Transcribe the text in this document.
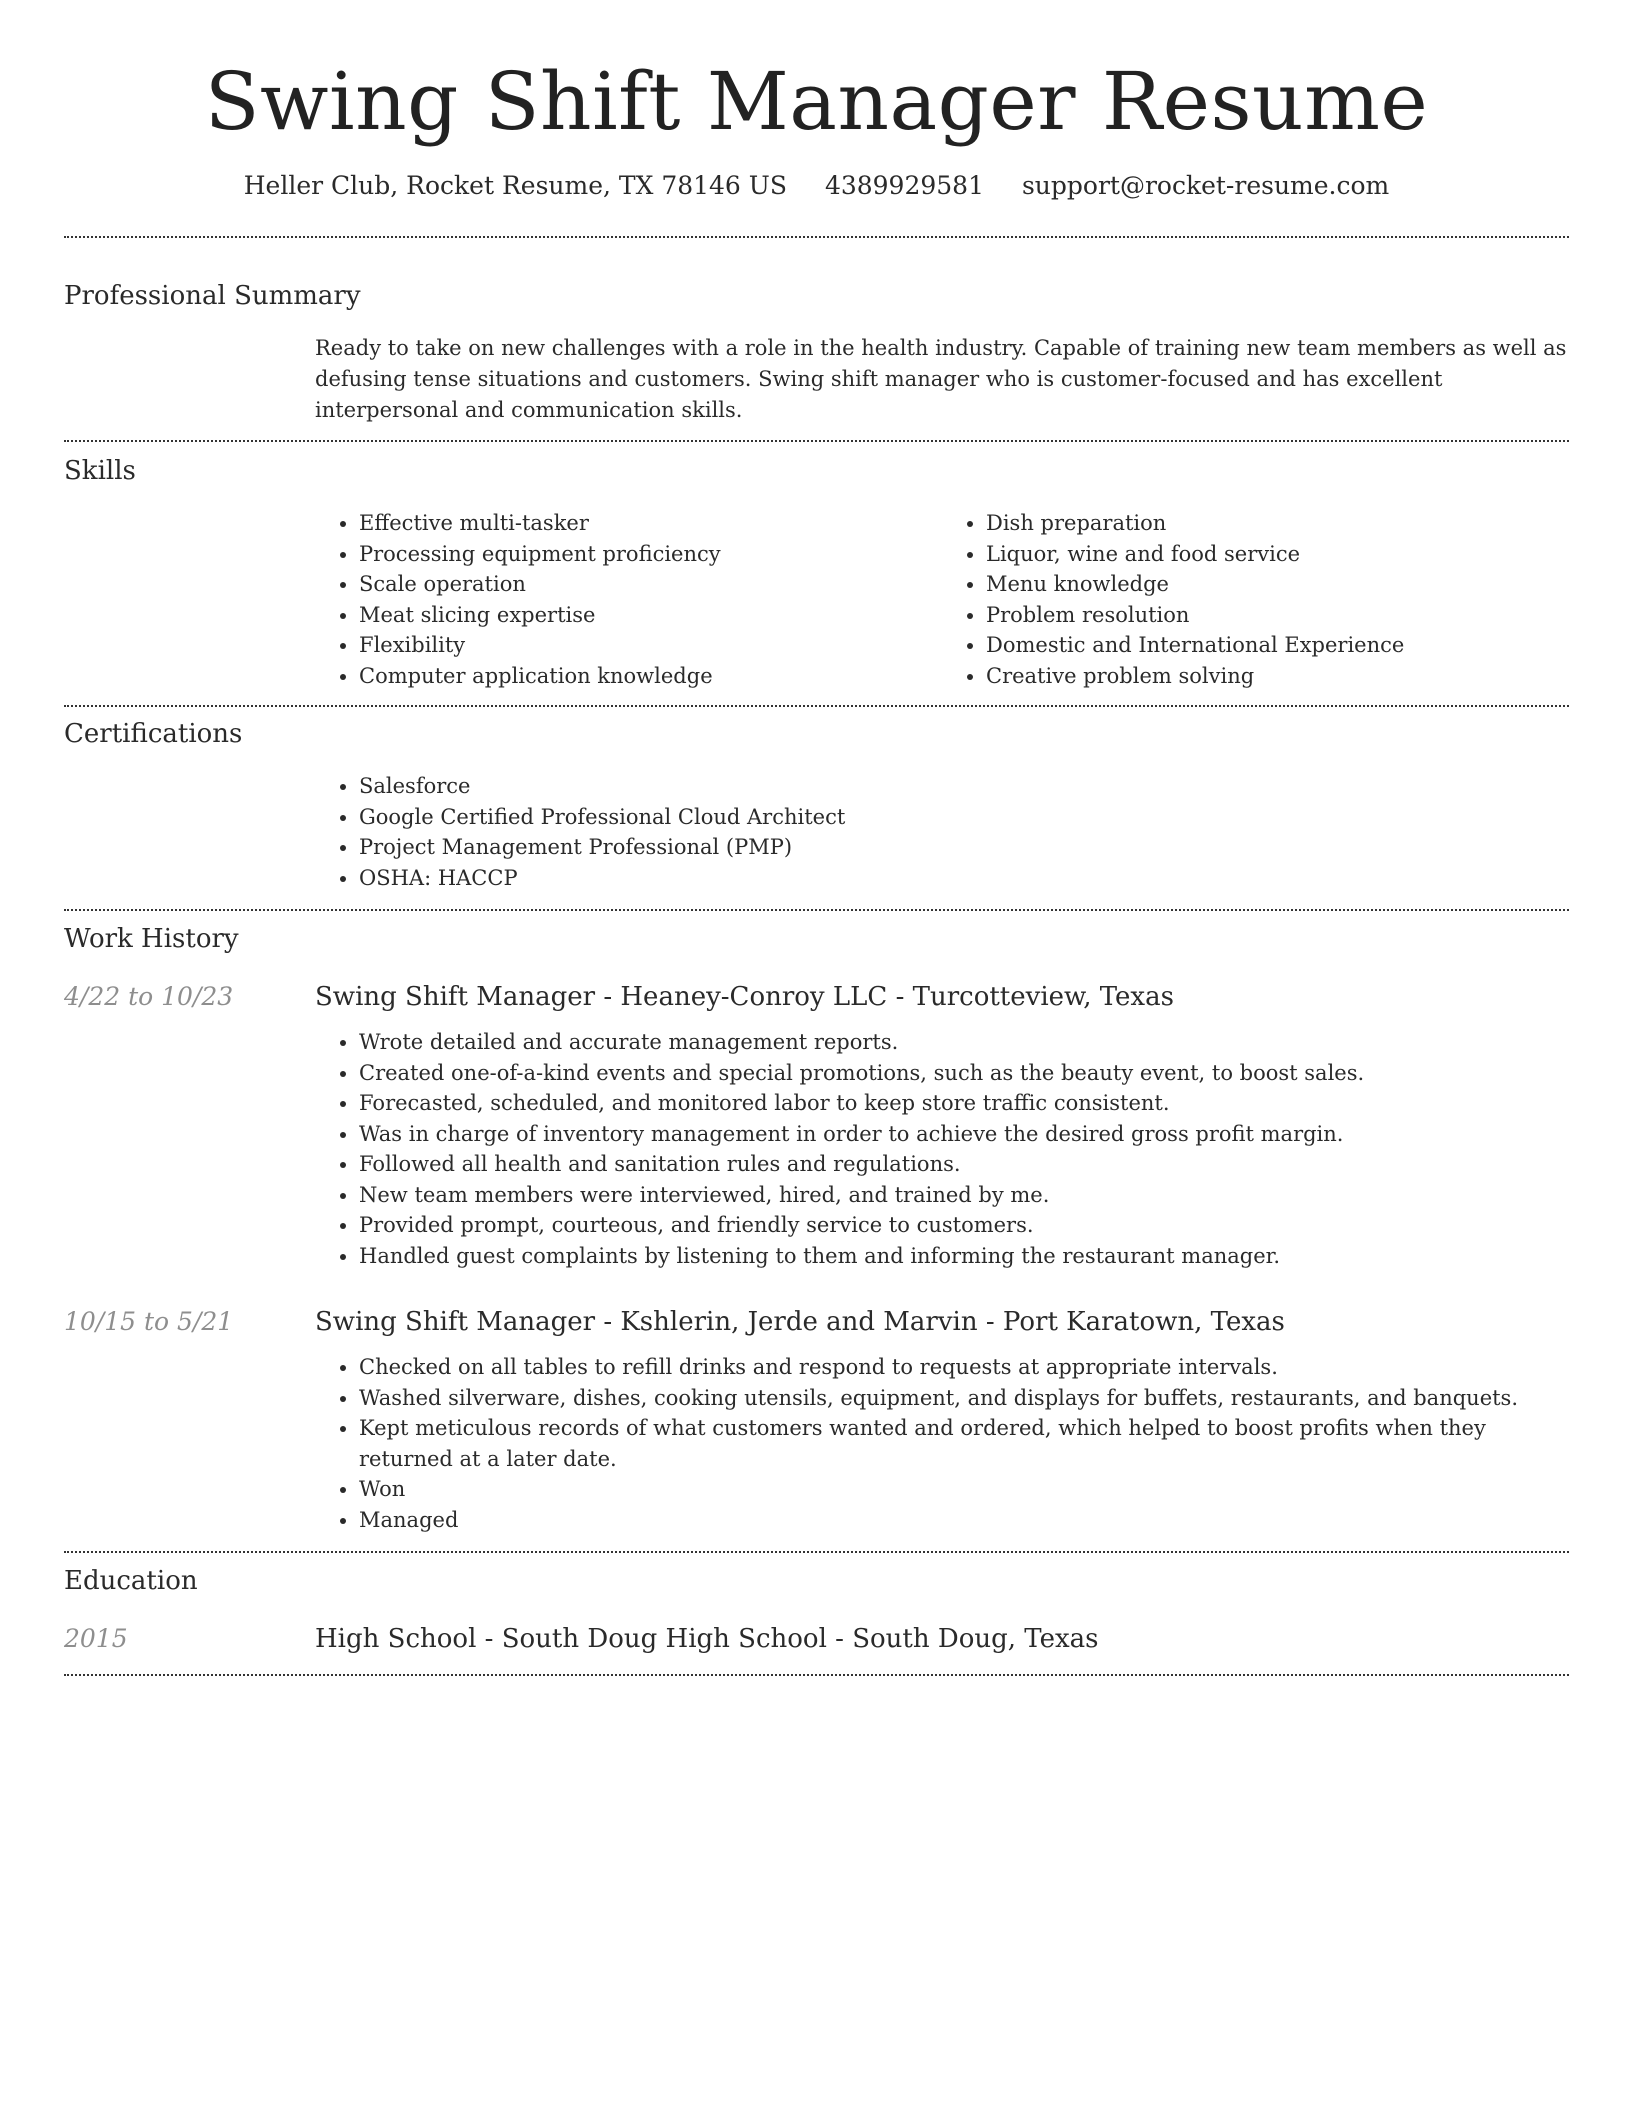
Swing Shift Manager Resume
Heller Club, Rocket Resume, TX 78146 US 4389929581 support@rocket-resume.com
Professional Summary
Ready to take on new challenges with a role in the health industry. Capable of training new team members as well as defusing tense situations and customers. Swing shift manager who is customer-focused and has excellent interpersonal and communication skills.
Skills
• Effective multi-tasker
• Processing equipment proficiency
• Scale operation
• Meat slicing expertise
• Flexibility
• Computer application knowledge
• Dish preparation
• Liquor, wine and food service
• Menu knowledge
• Problem resolution
• Domestic and International Experience
• Creative problem solving
Certifications
• Salesforce
• Google Certified Professional Cloud Architect
• Project Management Professional (PMP)
• OSHA: HACCP
Work History
4/22 to 10/23	Swing Shift Manager - Heaney-Conroy LLC - Turcotteview, Texas
• Wrote detailed and accurate management reports.
• Created one-of-a-kind events and special promotions, such as the beauty event, to boost sales.
• Forecasted, scheduled, and monitored labor to keep store traffic consistent.
• Was in charge of inventory management in order to achieve the desired gross profit margin.
• Followed all health and sanitation rules and regulations.
• New team members were interviewed, hired, and trained by me.
• Provided prompt, courteous, and friendly service to customers.
• Handled guest complaints by listening to them and informing the restaurant manager.
10/15 to 5/21	Swing Shift Manager - Kshlerin, Jerde and Marvin - Port Karatown, Texas
• Checked on all tables to refill drinks and respond to requests at appropriate intervals.
• Washed silverware, dishes, cooking utensils, equipment, and displays for buffets, restaurants, and banquets.
• Kept meticulous records of what customers wanted and ordered, which helped to boost profits when they returned at a later date.
• Won
• Managed
Education
2015	High School - South Doug High School - South Doug, Texas
